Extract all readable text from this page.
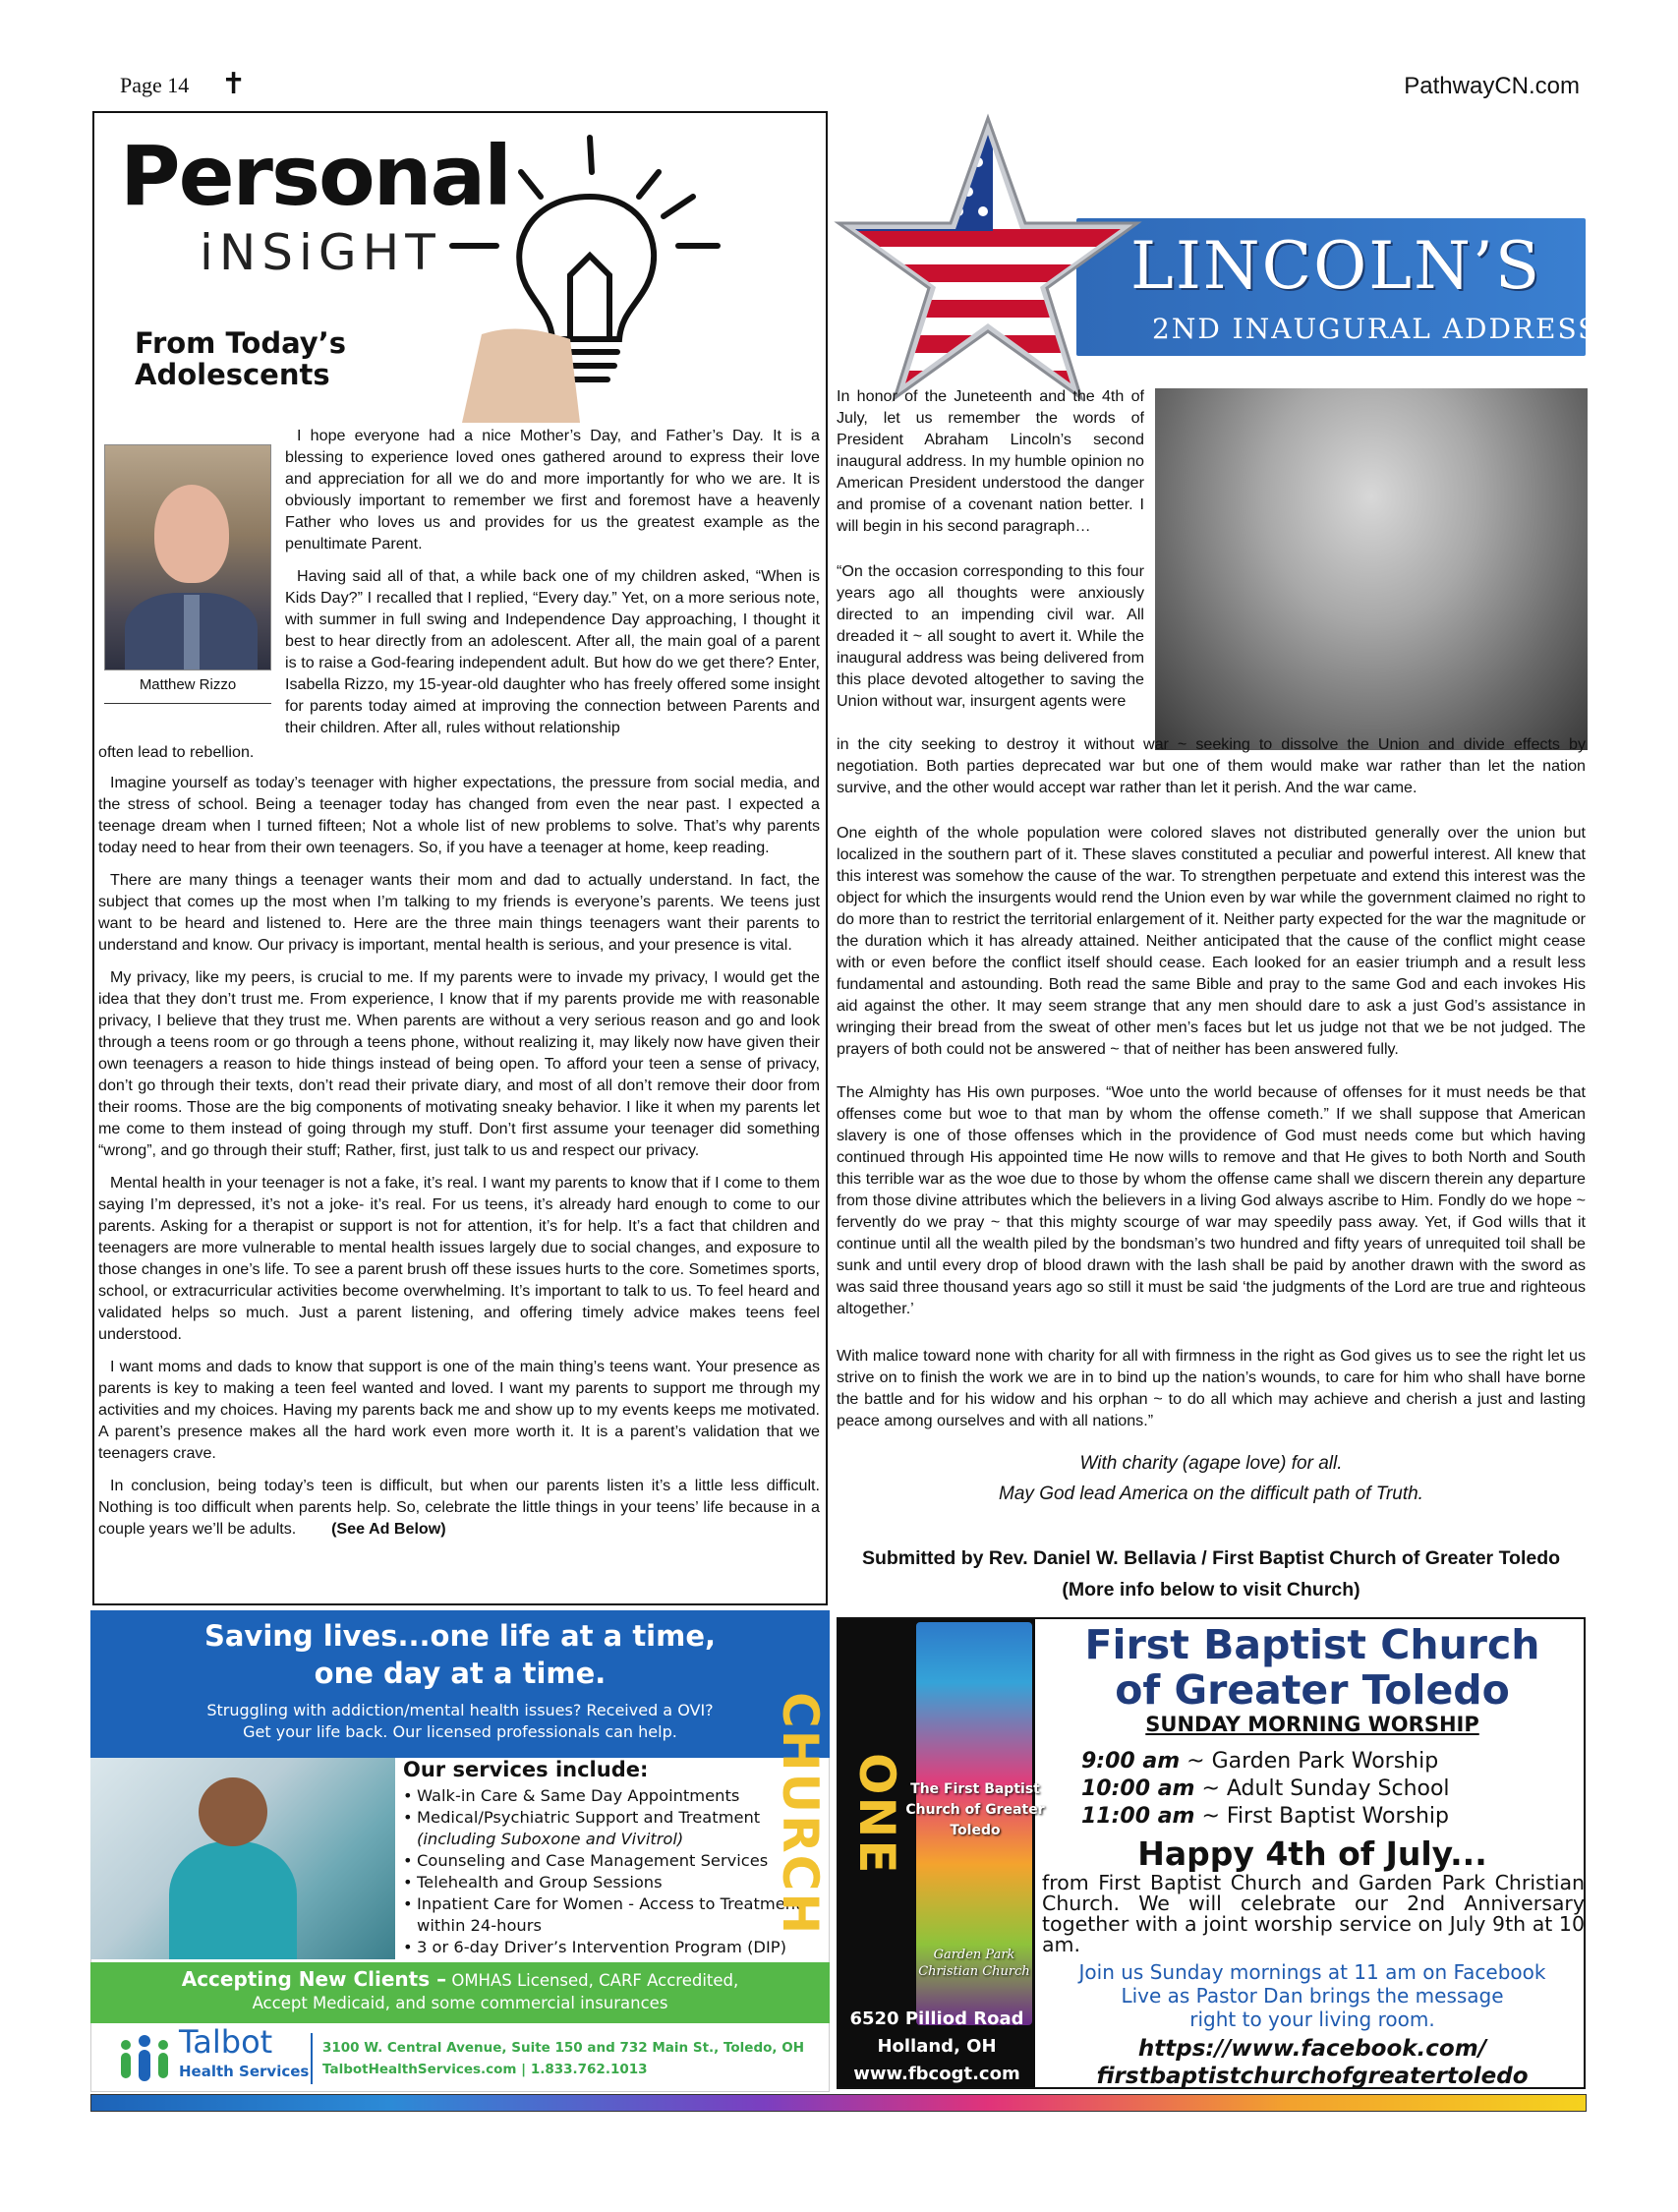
Page 14 ✝	PathwayCN.com
Personal
iNSiGHT
From Today’s
Adolescents
Matthew Rizzo
I hope everyone had a nice Mother’s Day, and Father’s Day. It is a blessing to experience loved ones gathered around to express their love and appreciation for all we do and more importantly for who we are. It is obviously important to remember we first and foremost have a heavenly Father who loves us and provides for us the greatest example as the penultimate Parent.
Having said all of that, a while back one of my children asked, “When is Kids Day?” I recalled that I replied, “Every day.” Yet, on a more serious note, with summer in full swing and Independence Day approaching, I thought it best to hear directly from an adolescent. After all, the main goal of a parent is to raise a God-fearing independent adult. But how do we get there? Enter, Isabella Rizzo, my 15-year-old daughter who has freely offered some insight for parents today aimed at improving the connection between Parents and their children. After all, rules without relationship
often lead to rebellion.

Imagine yourself as today’s teenager with higher expectations, the pressure from social media, and the stress of school. Being a teenager today has changed from even the near past. I expected a teenage dream when I turned fifteen; Not a whole list of new problems to solve. That’s why parents today need to hear from their own teenagers. So, if you have a teenager at home, keep reading.

There are many things a teenager wants their mom and dad to actually understand. In fact, the subject that comes up the most when I’m talking to my friends is everyone’s parents. We teens just want to be heard and listened to. Here are the three main things teenagers want their parents to understand and know. Our privacy is important, mental health is serious, and your presence is vital.

My privacy, like my peers, is crucial to me. If my parents were to invade my privacy, I would get the idea that they don’t trust me. From experience, I know that if my parents provide me with reasonable privacy, I believe that they trust me. When parents are without a very serious reason and go and look through a teens room or go through a teens phone, without realizing it, may likely now have given their own teenagers a reason to hide things instead of being open. To afford your teen a sense of privacy, don’t go through their texts, don’t read their private diary, and most of all don’t remove their door from their rooms. Those are the big components of motivating sneaky behavior. I like it when my parents let me come to them instead of going through my stuff. Don’t first assume your teenager did something “wrong”, and go through their stuff; Rather, first, just talk to us and respect our privacy.

Mental health in your teenager is not a fake, it’s real. I want my parents to know that if I come to them saying I’m depressed, it’s not a joke- it’s real. For us teens, it’s already hard enough to come to our parents. Asking for a therapist or support is not for attention, it’s for help. It’s a fact that children and teenagers are more vulnerable to mental health issues largely due to social changes, and exposure to those changes in one’s life. To see a parent brush off these issues hurts to the core. Sometimes sports, school, or extracurricular activities become overwhelming. It’s important to talk to us. To feel heard and validated helps so much. Just a parent listening, and offering timely advice makes teens feel understood.

I want moms and dads to know that support is one of the main thing’s teens want. Your presence as parents is key to making a teen feel wanted and loved. I want my parents to support me through my activities and my choices. Having my parents back me and show up to my events keeps me motivated. A parent’s presence makes all the hard work even more worth it. It is a parent’s validation that we teenagers crave.

In conclusion, being today’s teen is difficult, but when our parents listen it’s a little less difficult. Nothing is too difficult when parents help. So, celebrate the little things in your teens’ life because in a couple years we’ll be adults. (See Ad Below)

LINCOLN’S
2ND INAUGURAL ADDRESS
In honor of the Juneteenth and the 4th of July, let us remember the words of President Abraham Lincoln’s second inaugural address. In my humble opinion no American President understood the danger and promise of a covenant nation better. I will begin in his second paragraph…
“On the occasion corresponding to this four years ago all thoughts were anxiously directed to an impending civil war. All dreaded it ~ all sought to avert it. While the inaugural address was being delivered from this place devoted altogether to saving the Union without war, insurgent agents were
in the city seeking to destroy it without war ~ seeking to dissolve the Union and divide effects by negotiation. Both parties deprecated war but one of them would make war rather than let the nation survive, and the other would accept war rather than let it perish. And the war came.
One eighth of the whole population were colored slaves not distributed generally over the union but localized in the southern part of it. These slaves constituted a peculiar and powerful interest. All knew that this interest was somehow the cause of the war. To strengthen perpetuate and extend this interest was the object for which the insurgents would rend the Union even by war while the government claimed no right to do more than to restrict the territorial enlargement of it. Neither party expected for the war the magnitude or the duration which it has already attained. Neither anticipated that the cause of the conflict might cease with or even before the conflict itself should cease. Each looked for an easier triumph and a result less fundamental and astounding. Both read the same Bible and pray to the same God and each invokes His aid against the other. It may seem strange that any men should dare to ask a just God’s assistance in wringing their bread from the sweat of other men’s faces but let us judge not that we be not judged. The prayers of both could not be answered ~ that of neither has been answered fully.
The Almighty has His own purposes. “Woe unto the world because of offenses for it must needs be that offenses come but woe to that man by whom the offense cometh.” If we shall suppose that American slavery is one of those offenses which in the providence of God must needs come but which having continued through His appointed time He now wills to remove and that He gives to both North and South this terrible war as the woe due to those by whom the offense came shall we discern therein any departure from those divine attributes which the believers in a living God always ascribe to Him. Fondly do we hope ~ fervently do we pray ~ that this mighty scourge of war may speedily pass away. Yet, if God wills that it continue until all the wealth piled by the bondsman’s two hundred and fifty years of unrequited toil shall be sunk and until every drop of blood drawn with the lash shall be paid by another drawn with the sword as was said three thousand years ago so still it must be said ‘the judgments of the Lord are true and righteous altogether.’
With malice toward none with charity for all with firmness in the right as God gives us to see the right let us strive on to finish the work we are in to bind up the nation’s wounds, to care for him who shall have borne the battle and for his widow and his orphan ~ to do all which may achieve and cherish a just and lasting peace among ourselves and with all nations.”
With charity (agape love) for all.
May God lead America on the difficult path of Truth.
Submitted by Rev. Daniel W. Bellavia / First Baptist Church of Greater Toledo
(More info below to visit Church)
Saving lives...one life at a time,
one day at a time.
Struggling with addiction/mental health issues? Received a OVI?
Get your life back. Our licensed professionals can help.
Our services include:
• Walk-in Care & Same Day Appointments
• Medical/Psychiatric Support and Treatment
(including Suboxone and Vivitrol)
• Counseling and Case Management Services
• Telehealth and Group Sessions
• Inpatient Care for Women - Access to Treatment within 24-hours
• 3 or 6-day Driver’s Intervention Program (DIP)
Accepting New Clients – OMHAS Licensed, CARF Accredited,
Accept Medicaid, and some commercial insurances
Talbot
Health Services
3100 W. Central Avenue, Suite 150 and 732 Main St., Toledo, OH
TalbotHealthServices.com | 1.833.762.1013
ONE CHURCH	The First Baptist Church of Greater Toledo
Garden Park Christian Church
6520 Pilliod Road
Holland, OH
www.fbcogt.com
First Baptist Church
of Greater Toledo
SUNDAY MORNING WORSHIP
9:00 am ~ Garden Park Worship
10:00 am ~ Adult Sunday School
11:00 am ~ First Baptist Worship
Happy 4th of July...
from First Baptist Church and Garden Park Christian Church. We will celebrate our 2nd Anniversary together with a joint worship service on July 9th at 10 am.
Join us Sunday mornings at 11 am on Facebook
Live as Pastor Dan brings the message
right to your living room.
https://www.facebook.com/
firstbaptistchurchofgreatertoledo
